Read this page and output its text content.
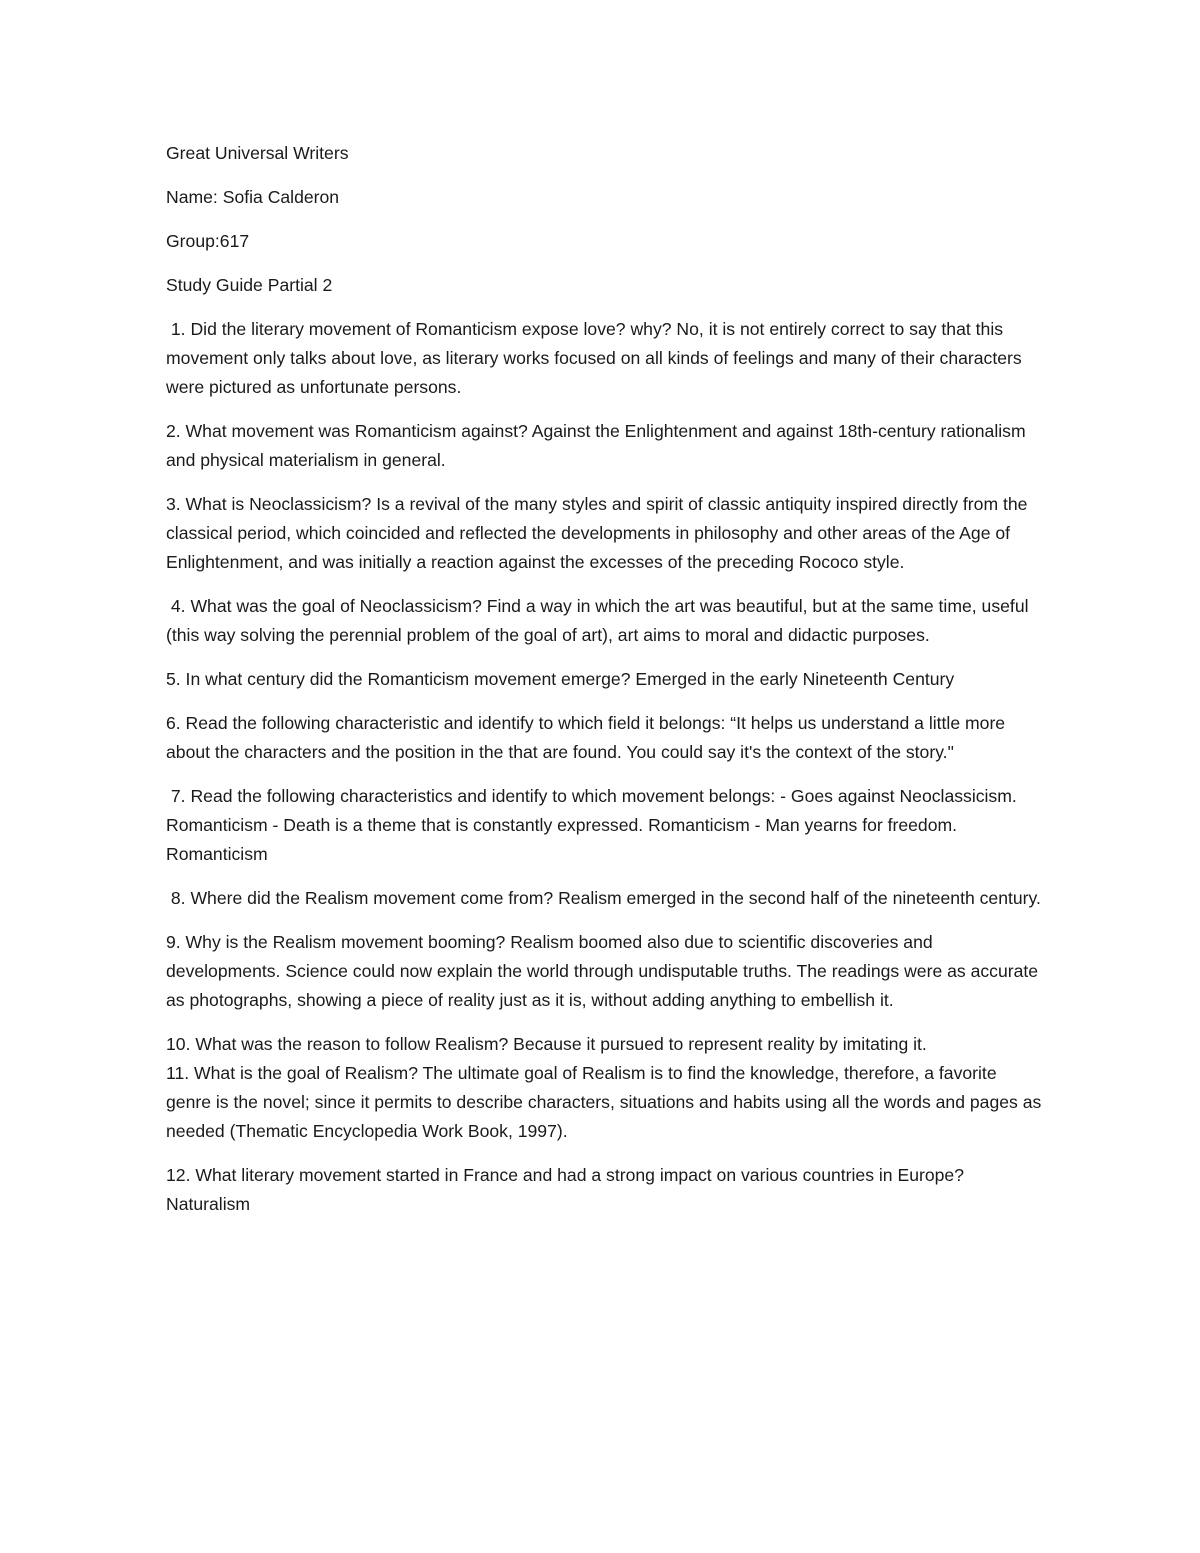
Great Universal Writers

Name: Sofia Calderon

Group:617

Study Guide Partial 2

1. Did the literary movement of Romanticism expose love? why? No, it is not entirely correct to say that this movement only talks about love, as literary works focused on all kinds of feelings and many of their characters were pictured as unfortunate persons.

2. What movement was Romanticism against? Against the Enlightenment and against 18th-century rationalism and physical materialism in general.

3. What is Neoclassicism? Is a revival of the many styles and spirit of classic antiquity inspired directly from the classical period, which coincided and reflected the developments in philosophy and other areas of the Age of Enlightenment, and was initially a reaction against the excesses of the preceding Rococo style.

4. What was the goal of Neoclassicism? Find a way in which the art was beautiful, but at the same time, useful (this way solving the perennial problem of the goal of art), art aims to moral and didactic purposes.

5. In what century did the Romanticism movement emerge? Emerged in the early Nineteenth Century

6. Read the following characteristic and identify to which field it belongs: “It helps us understand a little more about the characters and the position in the that are found. You could say it's the context of the story."

7. Read the following characteristics and identify to which movement belongs: - Goes against Neoclassicism. Romanticism - Death is a theme that is constantly expressed. Romanticism - Man yearns for freedom. Romanticism

8. Where did the Realism movement come from? Realism emerged in the second half of the nineteenth century.

9. Why is the Realism movement booming? Realism boomed also due to scientific discoveries and developments. Science could now explain the world through undisputable truths. The readings were as accurate as photographs, showing a piece of reality just as it is, without adding anything to embellish it.

10. What was the reason to follow Realism? Because it pursued to represent reality by imitating it.

11. What is the goal of Realism? The ultimate goal of Realism is to find the knowledge, therefore, a favorite genre is the novel; since it permits to describe characters, situations and habits using all the words and pages as needed (Thematic Encyclopedia Work Book, 1997).

12. What literary movement started in France and had a strong impact on various countries in Europe? Naturalism
